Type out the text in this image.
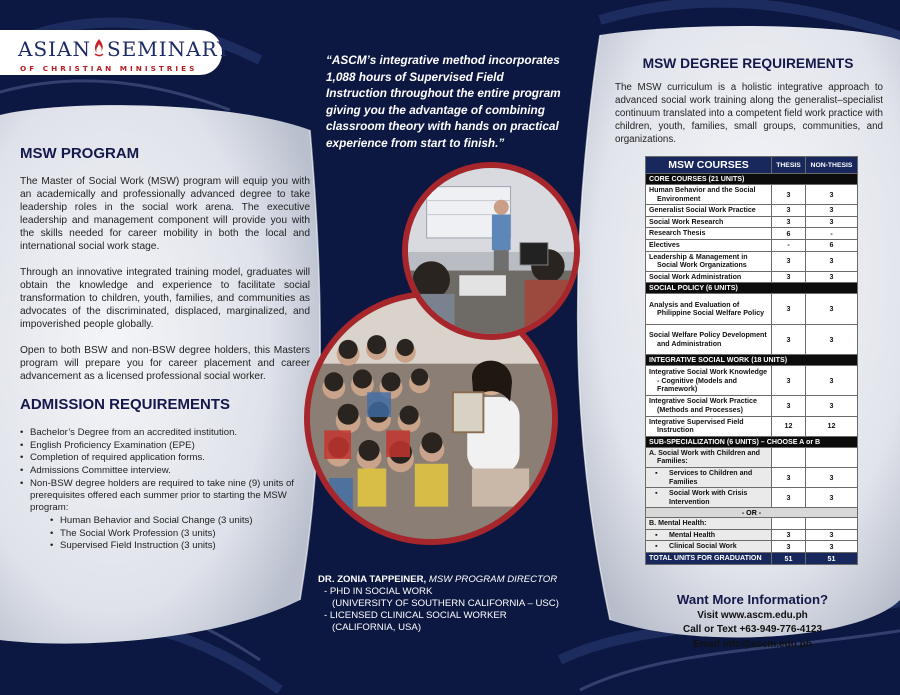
ASIAN SEMINARY
OF CHRISTIAN MINISTRIES
MSW PROGRAM

The Master of Social Work (MSW) program will equip you with an academically and professionally advanced degree to take leadership roles in the social work arena. The executive leadership and management component will provide you with the skills needed for career mobility in both the local and international social work stage.

Through an innovative integrated training model, graduates will obtain the knowledge and experience to facilitate social transformation to children, youth, families, and communities as advocates of the discriminated, displaced, marginalized, and impoverished people globally.

Open to both BSW and non-BSW degree holders, this Masters program will prepare you for career placement and career advancement as a licensed professional social worker.

ADMISSION REQUIREMENTS
• Bachelor’s Degree from an accredited institution.
• English Proficiency Examination (EPE)
• Completion of required application forms.
• Admissions Committee interview.
• Non-BSW degree holders are required to take nine (9) units of prerequisites offered each summer prior to starting the MSW program:
• Human Behavior and Social Change (3 units)
• The Social Work Profession (3 units)
• Supervised Field Instruction (3 units)
“ASCM’s integrative method incorporates 1,088 hours of Supervised Field Instruction throughout the entire program giving you the advantage of combining classroom theory with hands on practical experience from start to finish.”
DR. ZONIA TAPPEINER, MSW PROGRAM DIRECTOR
- PHD IN SOCIAL WORK
(UNIVERSITY OF SOUTHERN CALIFORNIA – USC)
- LICENSED CLINICAL SOCIAL WORKER
(CALIFORNIA, USA)
MSW DEGREE REQUIREMENTS
The MSW curriculum is a holistic integrative approach to advanced social work training along the generalist–specialist continuum translated into a competent field work practice with children, youth, families, small groups, communities, and organizations.
MSW COURSES	THESIS	NON-THESIS
CORE COURSES (21 UNITS)		
Human Behavior and the Social Environment	3	3
Generalist Social Work Practice	3	3
Social Work Research	3	3
Research Thesis	6	-
Electives	-	6
Leadership & Management in Social Work Organizations	3	3
Social Work Administration	3	3
SOCIAL POLICY (6 UNITS)		
Analysis and Evaluation of Philippine Social Welfare Policy	3	3
Social Welfare Policy Development and Administration	3	3
INTEGRATIVE SOCIAL WORK (18 UNITS)		
Integrative Social Work Knowledge - Cognitive (Models and Framework)	3	3
Integrative Social Work Practice (Methods and Processes)	3	3
Integrative Supervised Field Instruction	12	12
SUB-SPECIALIZATION (6 UNITS) – CHOOSE A or B		
A. Social Work with Children and Families:		

▪ Services to Children and Families	3	3

▪ Social Work with Crisis Intervention	3	3
- OR -		
B. Mental Health:		

▪ Mental Health	3	3

▪ Clinical Social Work	3	3
TOTAL UNITS FOR GRADUATION	51	51
Want More Information?
Visit www.ascm.edu.ph
Call or Text +63-949-776-4123
Email info@ascm.edu.ph
